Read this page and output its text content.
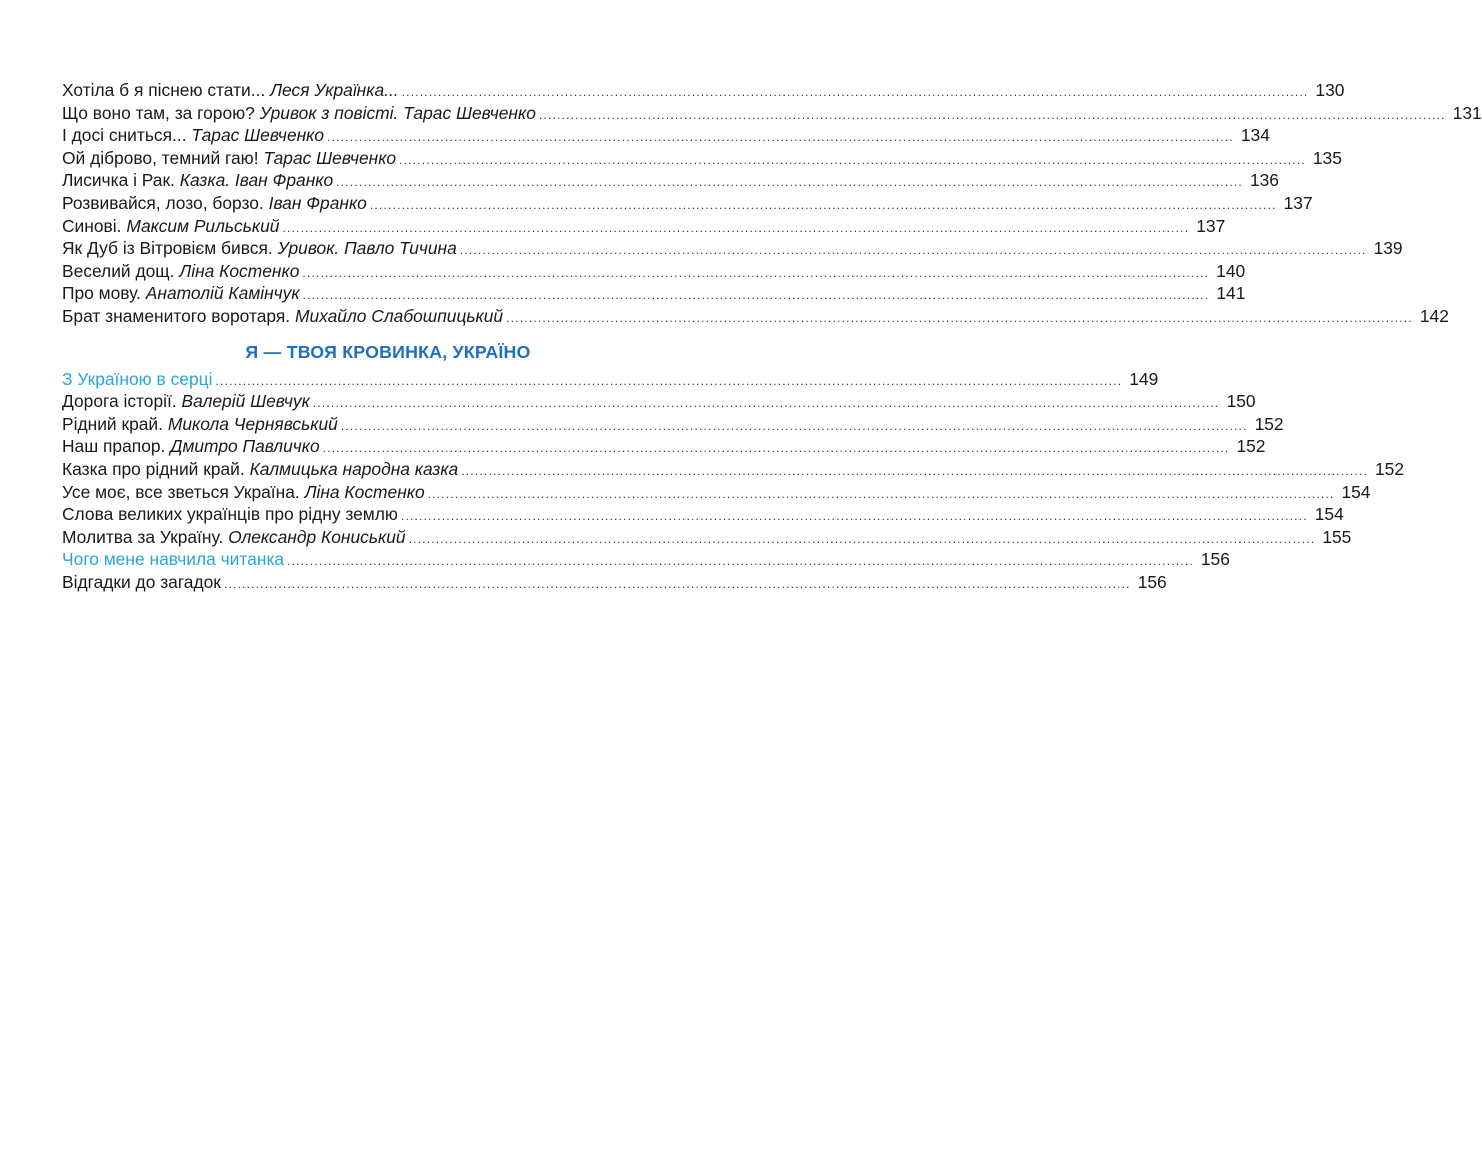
Хотіла б я піснею стати...
Леся Українка... ........................................................................................................................................................................................................ 130
Що воно там, за горою?
Уривок з повісті. Тарас Шевченко ........................................................................................................................................................................................................ 131
І досі сниться...
Тарас Шевченко ........................................................................................................................................................................................................ 134
Ой діброво, темний гаю!
Тарас Шевченко ........................................................................................................................................................................................................ 135
Лисичка і Рак.
Казка. Іван Франко ........................................................................................................................................................................................................ 136
Розвивайся, лозо, борзо.
Іван Франко ........................................................................................................................................................................................................ 137
Синові.
Максим Рильський ........................................................................................................................................................................................................ 137
Як Дуб із Вітровієм бився.
Уривок. Павло Тичина ........................................................................................................................................................................................................ 139
Веселий дощ.
Ліна Костенко ........................................................................................................................................................................................................ 140
Про мову.
Анатолій Камінчук ........................................................................................................................................................................................................ 141
Брат знаменитого воротаря.
Михайло Слабошпицький ........................................................................................................................................................................................................ 142
Я — ТВОЯ КРОВИНКА, УКРАЇНО
З Україною в серці ........................................................................................................................................................................................................ 149
Дорога історії.
Валерій Шевчук ........................................................................................................................................................................................................ 150
Рідний край.
Микола Чернявський ........................................................................................................................................................................................................ 152
Наш прапор.
Дмитро Павличко ........................................................................................................................................................................................................ 152
Казка про рідний край.
Калмицька народна казка ........................................................................................................................................................................................................ 152
Усе моє, все зветься Україна.
Ліна Костенко ........................................................................................................................................................................................................ 154
Слова великих українців про рідну землю ........................................................................................................................................................................................................ 154
Молитва за Україну.
Олександр Кониський ........................................................................................................................................................................................................ 155
Чого мене навчила читанка ........................................................................................................................................................................................................ 156
Відгадки до загадок ........................................................................................................................................................................................................ 156
